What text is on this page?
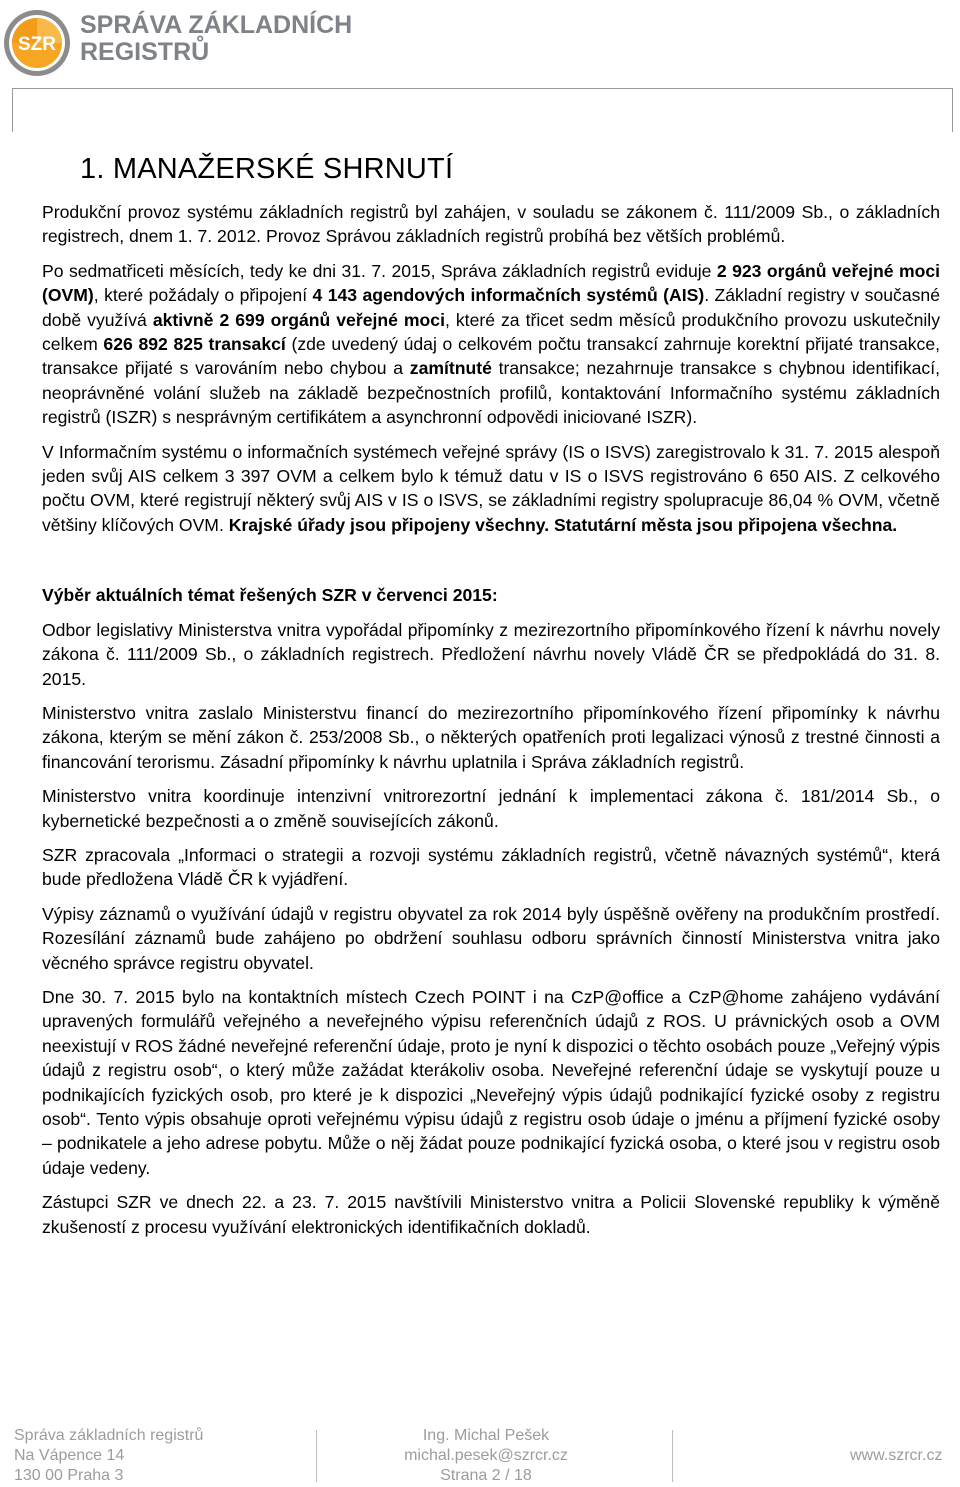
SZR
SPRÁVA ZÁKLADNÍCH
REGISTRŮ
1. MANAŽERSKÉ SHRNUTÍ

Produkční provoz systému základních registrů byl zahájen, v souladu se zákonem č. 111/2009 Sb., o základních registrech, dnem 1. 7. 2012. Provoz Správou základních registrů probíhá bez větších problémů.

Po sedmatřiceti měsících, tedy ke dni 31. 7. 2015, Správa základních registrů eviduje 2 923 orgánů veřejné moci (OVM), které požádaly o připojení 4 143 agendových informačních systémů (AIS). Základní registry v současné době využívá aktivně 2 699 orgánů veřejné moci, které za třicet sedm měsíců produkčního provozu uskutečnily celkem 626 892 825 transakcí (zde uvedený údaj o celkovém počtu transakcí zahrnuje korektní přijaté transakce, transakce přijaté s varováním nebo chybou a zamítnuté transakce; nezahrnuje transakce s chybnou identifikací, neoprávněné volání služeb na základě bezpečnostních profilů, kontaktování Informačního systému základních registrů (ISZR) s nesprávným certifikátem a asynchronní odpovědi iniciované ISZR).

V Informačním systému o informačních systémech veřejné správy (IS o ISVS) zaregistrovalo k 31. 7. 2015 alespoň jeden svůj AIS celkem 3 397 OVM a celkem bylo k témuž datu v IS o ISVS registrováno 6 650 AIS. Z celkového počtu OVM, které registrují některý svůj AIS v IS o ISVS, se základními registry spolupracuje 86,04 % OVM, včetně většiny klíčových OVM. Krajské úřady jsou připojeny všechny. Statutární města jsou připojena všechna.

Výběr aktuálních témat řešených SZR v červenci 2015:

Odbor legislativy Ministerstva vnitra vypořádal připomínky z mezirezortního připomínkového řízení k návrhu novely zákona č. 111/2009 Sb., o základních registrech. Předložení návrhu novely Vládě ČR se předpokládá do 31. 8. 2015.

Ministerstvo vnitra zaslalo Ministerstvu financí do mezirezortního připomínkového řízení připomínky k návrhu zákona, kterým se mění zákon č. 253/2008 Sb., o některých opatřeních proti legalizaci výnosů z trestné činnosti a financování terorismu. Zásadní připomínky k návrhu uplatnila i Správa základních registrů.

Ministerstvo vnitra koordinuje intenzivní vnitrorezortní jednání k implementaci zákona č. 181/2014 Sb., o kybernetické bezpečnosti a o změně souvisejících zákonů.

SZR zpracovala „Informaci o strategii a rozvoji systému základních registrů, včetně návazných systémů“, která bude předložena Vládě ČR k vyjádření.

Výpisy záznamů o využívání údajů v registru obyvatel za rok 2014 byly úspěšně ověřeny na produkčním prostředí. Rozesílání záznamů bude zahájeno po obdržení souhlasu odboru správních činností Ministerstva vnitra jako věcného správce registru obyvatel.

Dne 30. 7. 2015 bylo na kontaktních místech Czech POINT i na CzP@office a CzP@home zahájeno vydávání upravených formulářů veřejného a neveřejného výpisu referenčních údajů z ROS. U právnických osob a OVM neexistují v ROS žádné neveřejné referenční údaje, proto je nyní k dispozici o těchto osobách pouze „Veřejný výpis údajů z registru osob“, o který může zažádat kterákoliv osoba. Neveřejné referenční údaje se vyskytují pouze u podnikajících fyzických osob, pro které je k dispozici „Neveřejný výpis údajů podnikající fyzické osoby z registru osob“. Tento výpis obsahuje oproti veřejnému výpisu údajů z registru osob údaje o jménu a příjmení fyzické osoby – podnikatele a jeho adrese pobytu. Může o něj žádat pouze podnikající fyzická osoba, o které jsou v registru osob údaje vedeny.

Zástupci SZR ve dnech 22. a 23. 7. 2015 navštívili Ministerstvo vnitra a Policii Slovenské republiky k výměně zkušeností z procesu využívání elektronických identifikačních dokladů.

Správa základních registrů
Na Vápence 14
130 00 Praha 3
Ing. Michal Pešek
michal.pesek@szrcr.cz
Strana 2 / 18
www.szrcr.cz
